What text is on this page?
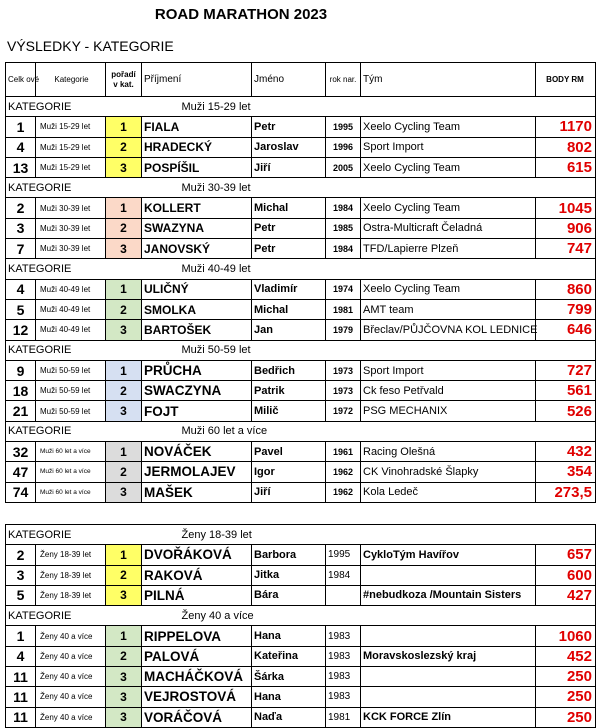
ROAD MARATHON 2023
VÝSLEDKY - KATEGORIE
Celk ové	Kategorie	pořadí v kat.	Příjmení	Jméno	rok nar.	Tým	BODY RM
KATEGORIE			Muži 15-29 let				
1	Muži 15-29 let	1	FIALA	Petr	1995	Xeelo Cycling Team	1170
4	Muži 15-29 let	2	HRADECKÝ	Jaroslav	1996	Sport Import	802
13	Muži 15-29 let	3	POSPÍŠIL	Jiří	2005	Xeelo Cycling Team	615
KATEGORIE			Muži 30-39 let				
2	Muži 30-39 let	1	KOLLERT	Michal	1984	Xeelo Cycling Team	1045
3	Muži 30-39 let	2	SWAZYNA	Petr	1985	Ostra-Multicraft Čeladná	906
7	Muži 30-39 let	3	JANOVSKÝ	Petr	1984	TFD/Lapierre Plzeň	747
KATEGORIE			Muži 40-49 let				
4	Muži 40-49 let	1	ULIČNÝ	Vladimír	1974	Xeelo Cycling Team	860
5	Muži 40-49 let	2	SMOLKA	Michal	1981	AMT team	799
12	Muži 40-49 let	3	BARTOŠEK	Jan	1979	Břeclav/PŮJČOVNA KOL LEDNICE	646
KATEGORIE			Muži 50-59 let				
9	Muži 50-59 let	1	PRŮCHA	Bedřich	1973	Sport Import	727
18	Muži 50-59 let	2	SWACZYNA	Patrik	1973	Ck feso Petřvald	561
21	Muži 50-59 let	3	FOJT	Milič	1972	PSG MECHANIX	526
KATEGORIE			Muži 60 let a více				
32	Muži 60 let a více	1	NOVÁČEK	Pavel	1961	Racing Olešná	432
47	Muži 60 let a více	2	JERMOLAJEV	Igor	1962	CK Vinohradské Šlapky	354
74	Muži 60 let a více	3	MAŠEK	Jiří	1962	Kola Ledeč	273,5

KATEGORIE			Ženy 18-39 let				
2	Ženy 18-39 let	1	DVOŘÁKOVÁ	Barbora	1995	CykloTým Havířov	657
3	Ženy 18-39 let	2	RAKOVÁ	Jitka	1984		600
5	Ženy 18-39 let	3	PILNÁ	Bára		#nebudkoza /Mountain Sisters	427
KATEGORIE			Ženy 40 a více				
1	Ženy 40 a více	1	RIPPELOVA	Hana	1983		1060
4	Ženy 40 a více	2	PALOVÁ	Kateřina	1983	Moravskoslezský kraj	452
11	Ženy 40 a více	3	MACHÁČKOVÁ	Šárka	1983		250
11	Ženy 40 a více	3	VEJROSTOVÁ	Hana	1983		250
11	Ženy 40 a více	3	VORÁČOVÁ	Naďa	1981	KCK FORCE Zlín	250
